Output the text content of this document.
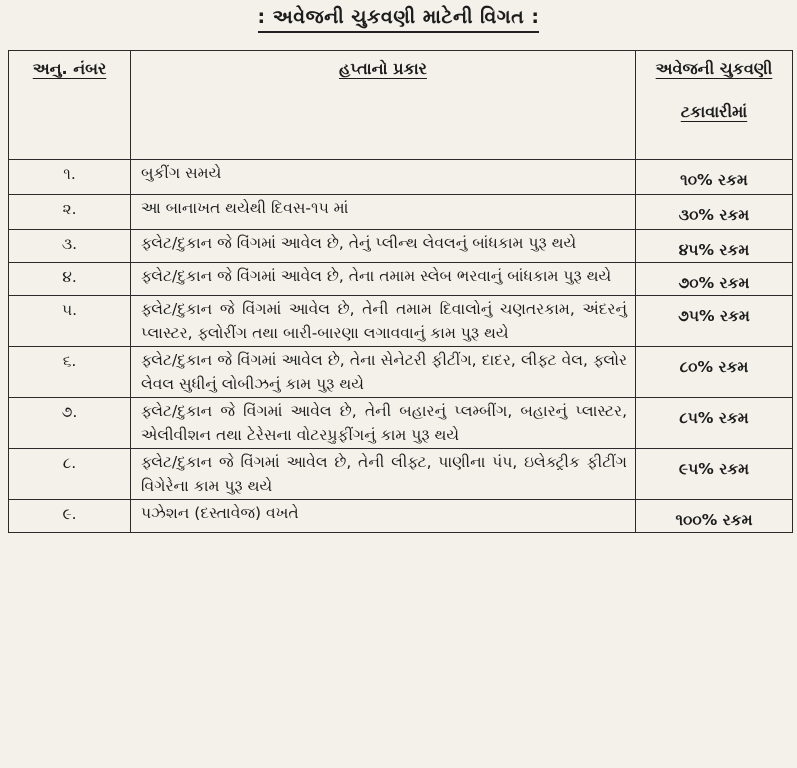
: અવેજની ચુકવણી માટેની વિગત :
અનુ. નંબર	હપ્તાનો પ્રકાર	અવેજની ચુકવણી
ટકાવારીમાં

૧.	બુકીંગ સમયે	૧૦% રકમ
૨.	આ બાનાખત થયેથી દિવસ-૧૫ માં	૩૦% રકમ
૩.	ફ્લેટ/દુકાન જે વિંગમાં આવેલ છે, તેનું પ્લીન્થ લેવલનું બાંધકામ પુરૂ થયે	૪૫% રકમ
૪.	ફ્લેટ/દુકાન જે વિંગમાં આવેલ છે, તેના તમામ સ્લેબ ભરવાનું બાંધકામ પુરૂ થયે	૭૦% રકમ
૫.	ફ્લેટ/દુકાન જે વિંગમાં આવેલ છે, તેની તમામ દિવાલોનું ચણતરકામ, અંદરનું પ્લાસ્ટર, ફ્લોરીંગ તથા બારી-બારણા લગાવવાનું કામ પુરૂ થયે	૭૫% રકમ
૬.	ફ્લેટ/દુકાન જે વિંગમાં આવેલ છે, તેના સેનેટરી ફીટીંગ, દાદર, લીફ્ટ વેલ, ફ્લોર લેવલ સુધીનું લોબીઝનું કામ પુરૂ થયે	૮૦% રકમ
૭.	ફ્લેટ/દુકાન જે વિંગમાં આવેલ છે, તેની બહારનું પ્લમ્બીંગ, બહારનું પ્લાસ્ટર, એલીવીશન તથા ટેરેસના વોટરપ્રુફીંગનું કામ પુરૂ થયે	૮૫% રકમ
૮.	ફ્લેટ/દુકાન જે વિંગમાં આવેલ છે, તેની લીફ્ટ, પાણીના પંપ, ઇલેક્ટ્રીક ફીટીંગ વિગેરેના કામ પુરૂ થયે	૯૫% રકમ
૯.	પઝેશન (દસ્તાવેજ) વખતે	૧૦૦% રકમ
